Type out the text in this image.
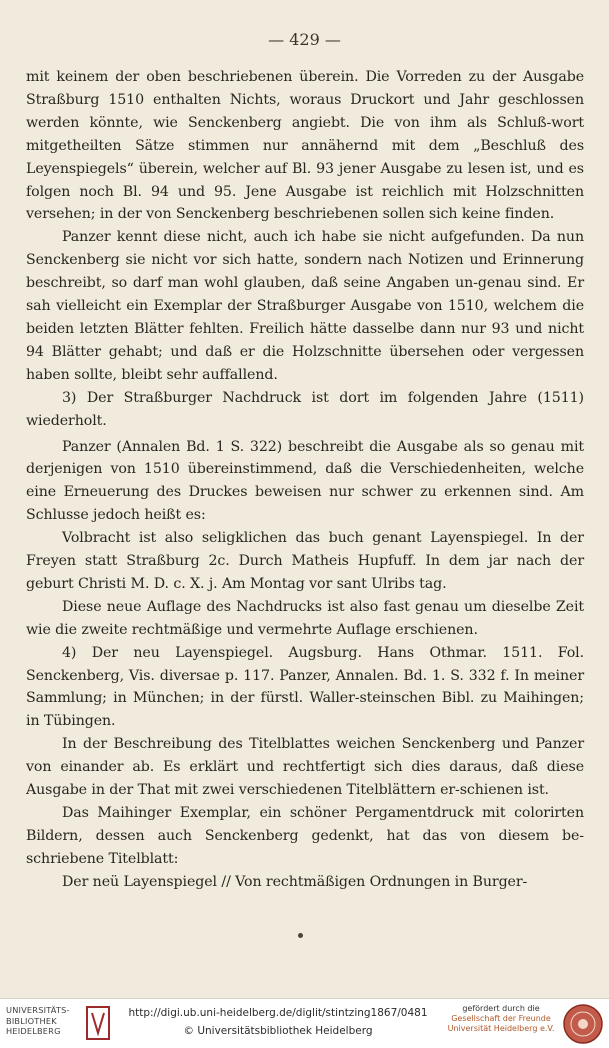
— 429 —

mit keinem der oben beschriebenen überein. Die Vorreden zu der Ausgabe Straßburg 1510 enthalten Nichts, woraus Druckort und Jahr geschlossen werden könnte, wie Senckenberg angiebt. Die von ihm als Schluß-wort mitgetheilten Sätze stimmen nur annähernd mit dem „Beschluß des Leyenspiegels“ überein, welcher auf Bl. 93 jener Ausgabe zu lesen ist, und es folgen noch Bl. 94 und 95. Jene Ausgabe ist reichlich mit Holzschnitten versehen; in der von Senckenberg beschriebenen sollen sich keine finden.

Panzer kennt diese nicht, auch ich habe sie nicht aufgefunden. Da nun Senckenberg sie nicht vor sich hatte, sondern nach Notizen und Erinnerung beschreibt, so darf man wohl glauben, daß seine Angaben un-genau sind. Er sah vielleicht ein Exemplar der Straßburger Ausgabe von 1510, welchem die beiden letzten Blätter fehlten. Freilich hätte dasselbe dann nur 93 und nicht 94 Blätter gehabt; und daß er die Holzschnitte übersehen oder vergessen haben sollte, bleibt sehr auffallend.

3) Der Straßburger Nachdruck ist dort im folgenden Jahre (1511) wiederholt.

Panzer (Annalen Bd. 1 S. 322) beschreibt die Ausgabe als so genau mit derjenigen von 1510 übereinstimmend, daß die Verschiedenheiten, welche eine Erneuerung des Druckes beweisen nur schwer zu erkennen sind. Am Schlusse jedoch heißt es:

Volbracht ist also seligklichen das buch genant Layenspiegel. In der Freyen statt Straßburg 2c. Durch Matheis Hupfuff. In dem jar nach der geburt Christi M. D. c. X. j. Am Montag vor sant Ulribs tag.

Diese neue Auflage des Nachdrucks ist also fast genau um dieselbe Zeit wie die zweite rechtmäßige und vermehrte Auflage erschienen.

4) Der neu Layenspiegel. Augsburg. Hans Othmar. 1511. Fol. Senckenberg, Vis. diversae p. 117. Panzer, Annalen. Bd. 1. S. 332 f. In meiner Sammlung; in München; in der fürstl. Waller-steinschen Bibl. zu Maihingen; in Tübingen.

In der Beschreibung des Titelblattes weichen Senckenberg und Panzer von einander ab. Es erklärt und rechtfertigt sich dies daraus, daß diese Ausgabe in der That mit zwei verschiedenen Titelblättern er-schienen ist.

Das Maihinger Exemplar, ein schöner Pergamentdruck mit colorirten Bildern, dessen auch Senckenberg gedenkt, hat das von diesem be-schriebene Titelblatt:

Der neü Layenspiegel // Von rechtmäßigen Ordnungen in Burger-

UNIVERSITÄTS-
BIBLIOTHEK
HEIDELBERG
http://digi.ub.uni-heidelberg.de/diglit/stintzing1867/0481
© Universitätsbibliothek Heidelberg
gefördert durch die
Gesellschaft der Freunde
Universität Heidelberg e.V.
